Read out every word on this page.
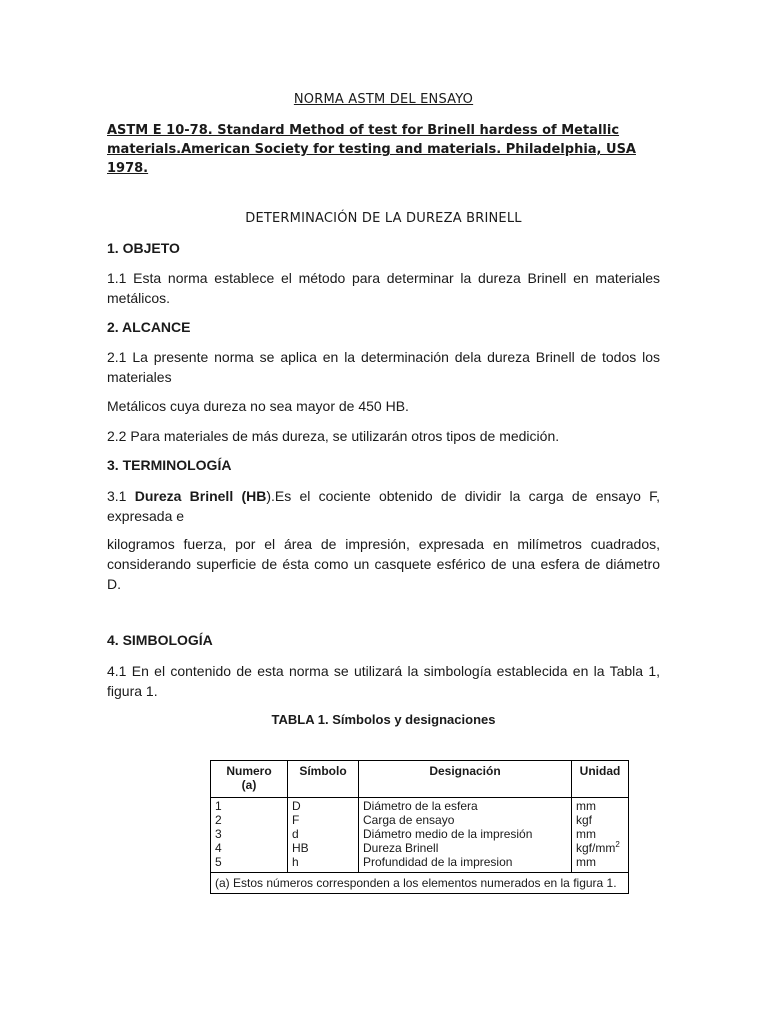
NORMA ASTM DEL ENSAYO
ASTM E 10-78. Standard Method of test for Brinell hardess of Metallic materials.American Society for testing and materials. Philadelphia, USA 1978.
DETERMINACIÓN DE LA DUREZA BRINELL
1. OBJETO
1.1 Esta norma establece el método para determinar la dureza Brinell en materiales metálicos.
2. ALCANCE
2.1 La presente norma se aplica en la determinación dela dureza Brinell de todos los materiales
Metálicos cuya dureza no sea mayor de 450 HB.
2.2 Para materiales de más dureza, se utilizarán otros tipos de medición.
3. TERMINOLOGÍA
3.1 Dureza Brinell (HB).Es el cociente obtenido de dividir la carga de ensayo F, expresada e
kilogramos fuerza, por el área de impresión, expresada en milímetros cuadrados, considerando superficie de ésta como un casquete esférico de una esfera de diámetro D.
4. SIMBOLOGÍA
4.1 En el contenido de esta norma se utilizará la simbología establecida en la Tabla 1, figura 1.
TABLA 1. Símbolos y designaciones
Numero
(a)	Símbolo	Designación	Unidad
1	D	Diámetro de la esfera	mm
2	F	Carga de ensayo	kgf
3	d	Diámetro medio de la impresión	mm
4	HB	Dureza Brinell	kgf/$mm^2$
5	h	Profundidad de la impresion	mm
(a) Estos números corresponden a los elementos numerados en la figura 1.			
